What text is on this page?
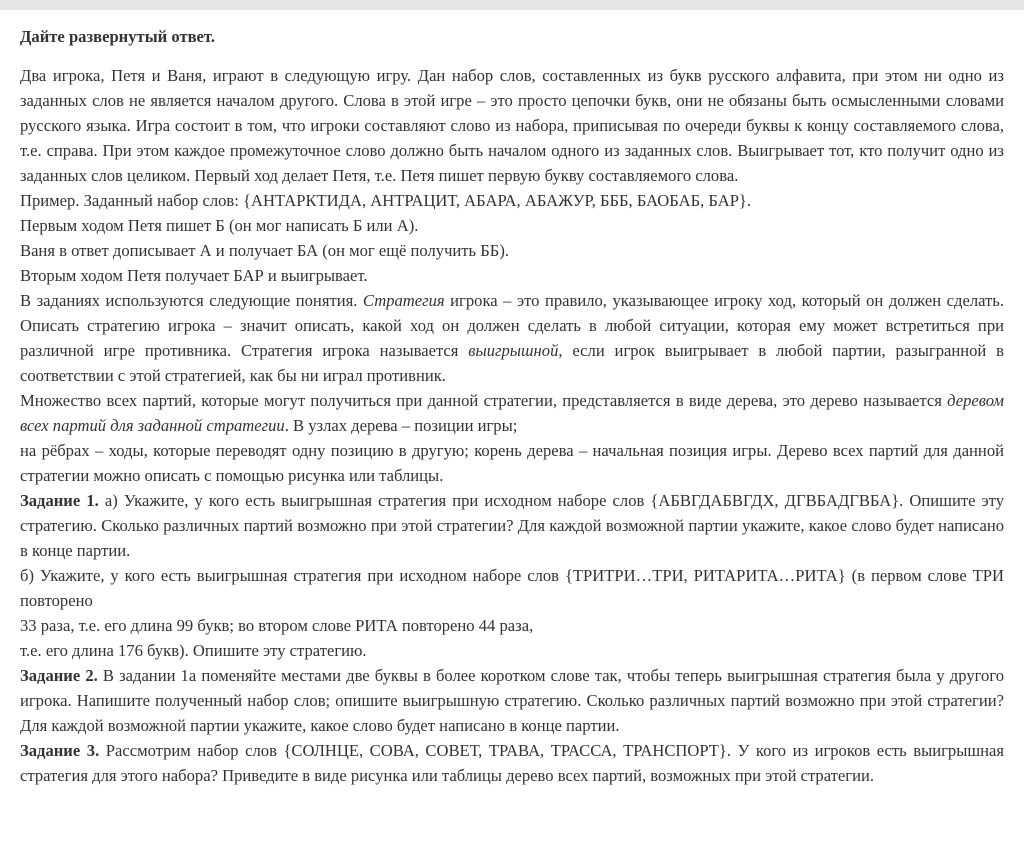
Дайте развернутый ответ.

Два игрока, Петя и Ваня, играют в следующую игру. Дан набор слов, составленных из букв русского алфавита, при этом ни одно из заданных слов не является началом другого. Слова в этой игре – это просто цепочки букв, они не обязаны быть осмысленными словами русского языка. Игра состоит в том, что игроки составляют слово из набора, приписывая по очереди буквы к концу составляемого слова, т.е. справа. При этом каждое промежуточное слово должно быть началом одного из заданных слов. Выигрывает тот, кто получит одно из заданных слов целиком. Первый ход делает Петя, т.е. Петя пишет первую букву составляемого слова.

Пример. Заданный набор слов: {АНТАРКТИДА, АНТРАЦИТ, АБАРА, АБАЖУР, БББ, БАОБАБ, БАР}.

Первым ходом Петя пишет Б (он мог написать Б или А).

Ваня в ответ дописывает А и получает БА (он мог ещё получить ББ).

Вторым ходом Петя получает БАР и выигрывает.

В заданиях используются следующие понятия. Стратегия игрока – это правило, указывающее игроку ход, который он должен сделать. Описать стратегию игрока – значит описать, какой ход он должен сделать в любой ситуации, которая ему может встретиться при различной игре противника. Стратегия игрока называется выигрышной, если игрок выигрывает в любой партии, разыгранной в соответствии с этой стратегией, как бы ни играл противник.

Множество всех партий, которые могут получиться при данной стратегии, представляется в виде дерева, это дерево называется деревом всех партий для заданной стратегии. В узлах дерева – позиции игры;

на рёбрах – ходы, которые переводят одну позицию в другую; корень дерева – начальная позиция игры. Дерево всех партий для данной стратегии можно описать с помощью рисунка или таблицы.

Задание 1. а) Укажите, у кого есть выигрышная стратегия при исходном наборе слов {АБВГДАБВГДХ, ДГВБАДГВБА}. Опишите эту стратегию. Сколько различных партий возможно при этой стратегии? Для каждой возможной партии укажите, какое слово будет написано в конце партии.

б) Укажите, у кого есть выигрышная стратегия при исходном наборе слов {ТРИТРИ…ТРИ, РИТАРИТА…РИТА} (в первом слове ТРИ повторено

33 раза, т.е. его длина 99 букв; во втором слове РИТА повторено 44 раза,

т.е. его длина 176 букв). Опишите эту стратегию.

Задание 2. В задании 1а поменяйте местами две буквы в более коротком слове так, чтобы теперь выигрышная стратегия была у другого игрока. Напишите полученный набор слов; опишите выигрышную стратегию. Сколько различных партий возможно при этой стратегии? Для каждой возможной партии укажите, какое слово будет написано в конце партии.

Задание 3. Рассмотрим набор слов {СОЛНЦЕ, СОВА, СОВЕТ, ТРАВА, ТРАССА, ТРАНСПОРТ}. У кого из игроков есть выигрышная стратегия для этого набора? Приведите в виде рисунка или таблицы дерево всех партий, возможных при этой стратегии.
